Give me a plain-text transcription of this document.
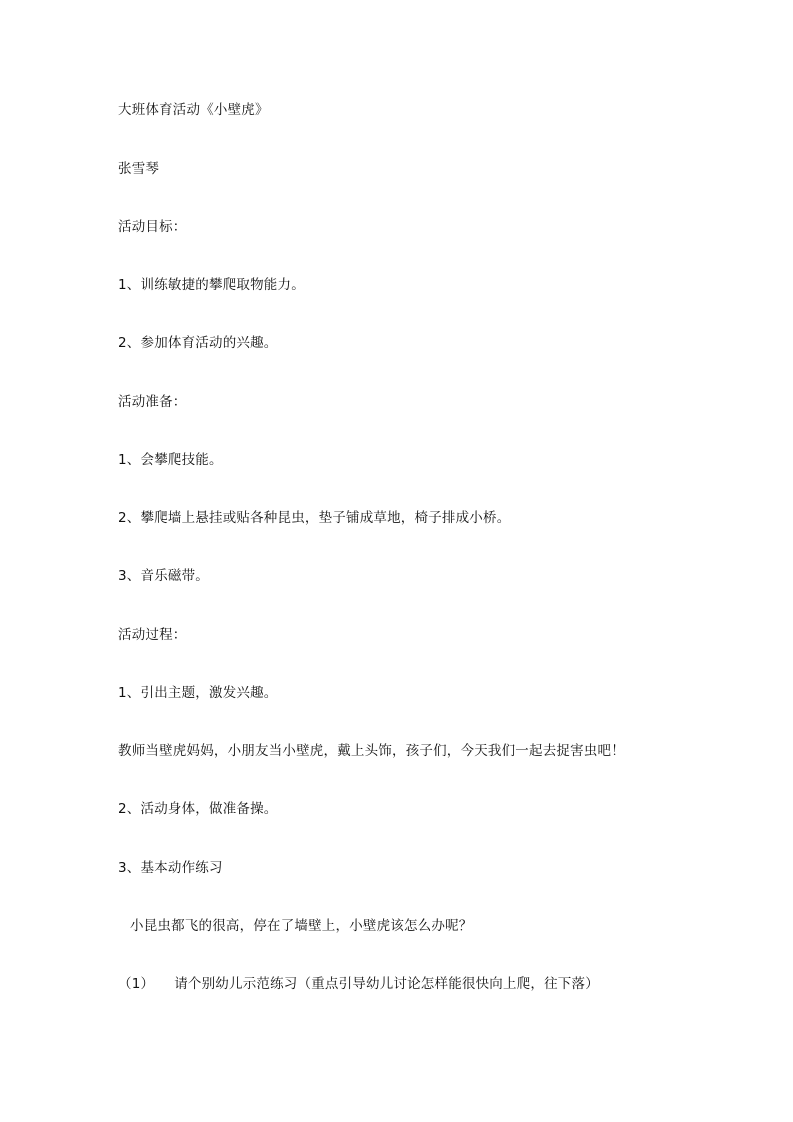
大班体育活动《小壁虎》
张雪琴
活动目标：
1、训练敏捷的攀爬取物能力。
2、参加体育活动的兴趣。
活动准备：
1、会攀爬技能。
2、攀爬墙上悬挂或贴各种昆虫，垫子铺成草地，椅子排成小桥。
3、音乐磁带。
活动过程：
1、引出主题，激发兴趣。
教师当壁虎妈妈，小朋友当小壁虎，戴上头饰，孩子们，今天我们一起去捉害虫吧！
2、活动身体，做准备操。
3、基本动作练习
小昆虫都飞的很高，停在了墙壁上，小壁虎该怎么办呢？
（1） 请个别幼儿示范练习（重点引导幼儿讨论怎样能很快向上爬，往下落）
